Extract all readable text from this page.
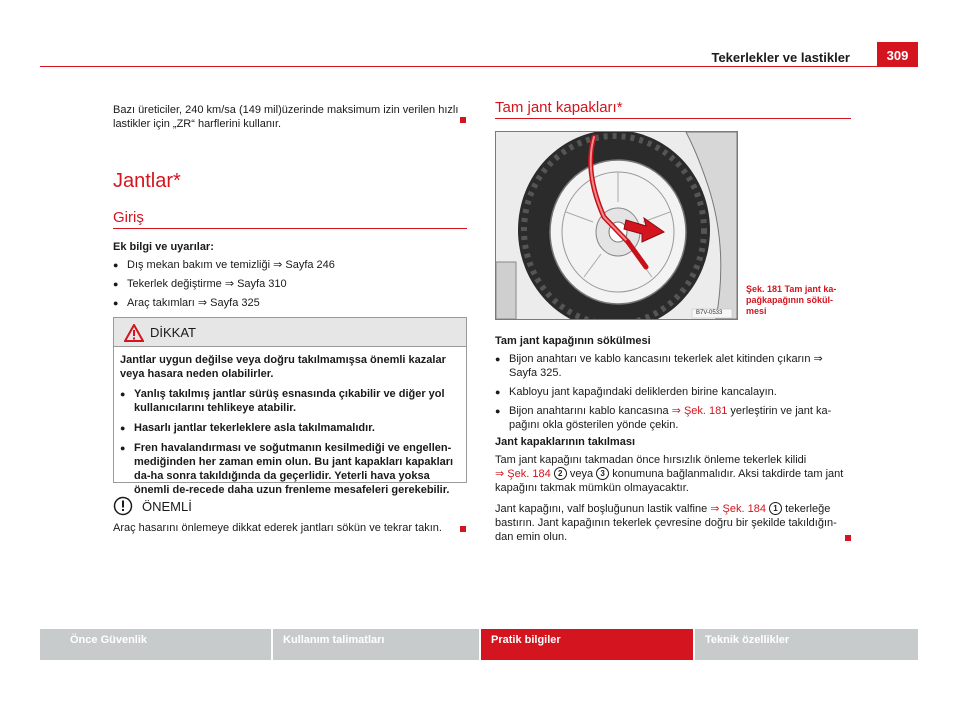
Tekerlekler ve lastikler	309

Bazı üreticiler, 240 km/sa (149 mil)üzerinde maksimum izin verilen hızlı lastikler için „ZR“ harflerini kullanır.

Jantlar*
Giriş

Ek bilgi ve uyarılar:

● Dış mekan bakım ve temizliği ⇒ Sayfa 246

● Tekerlek değiştirme ⇒ Sayfa 310

● Araç takımları ⇒ Sayfa 325

DİKKAT

Jantlar uygun değilse veya doğru takılmamışsa önemli kazalar veya hasara neden olabilirler.

● Yanlış takılmış jantlar sürüş esnasında çıkabilir ve diğer yol kullanıcılarını tehlikeye atabilir.

● Hasarlı jantlar tekerleklere asla takılmamalıdır.

● Fren havalandırması ve soğutmanın kesilmediği ve engellen-mediğinden her zaman emin olun. Bu jant kapakları kapakları da-ha sonra takıldığında da geçerlidir. Yeterli hava yoksa önemli de-recede daha uzun frenleme mesafeleri gerekebilir.

ÖNEMLİ

Araç hasarını önlemeye dikkat ederek jantları sökün ve tekrar takın.

Tam jant kapakları*
B7V-0533
Şek. 181 Tam jant ka-pağkapağının sökül-mesi

Tam jant kapağının sökülmesi

● Bijon anahtarı ve kablo kancasını tekerlek alet kitinden çıkarın ⇒ Sayfa 325.

● Kabloyu jant kapağındaki deliklerden birine kancalayın.

● Bijon anahtarını kablo kancasına ⇒ Şek. 181 yerleştirin ve jant ka-pağını okla gösterilen yönde çekin.

Jant kapaklarının takılması

Tam jant kapağını takmadan önce hırsızlık önleme tekerlek kilidi
⇒ Şek. 184 2 veya 3 konumuna bağlanmalıdır. Aksi takdirde tam jant kapağını takmak mümkün olmayacaktır.

Jant kapağını, valf boşluğunun lastik valfine ⇒ Şek. 184 1 tekerleğe bastırın. Jant kapağının tekerlek çevresine doğru bir şekilde takıldığın-dan emin olun.

Önce Güvenlik	Kullanım talimatları	Pratik bilgiler	Teknik özellikler
